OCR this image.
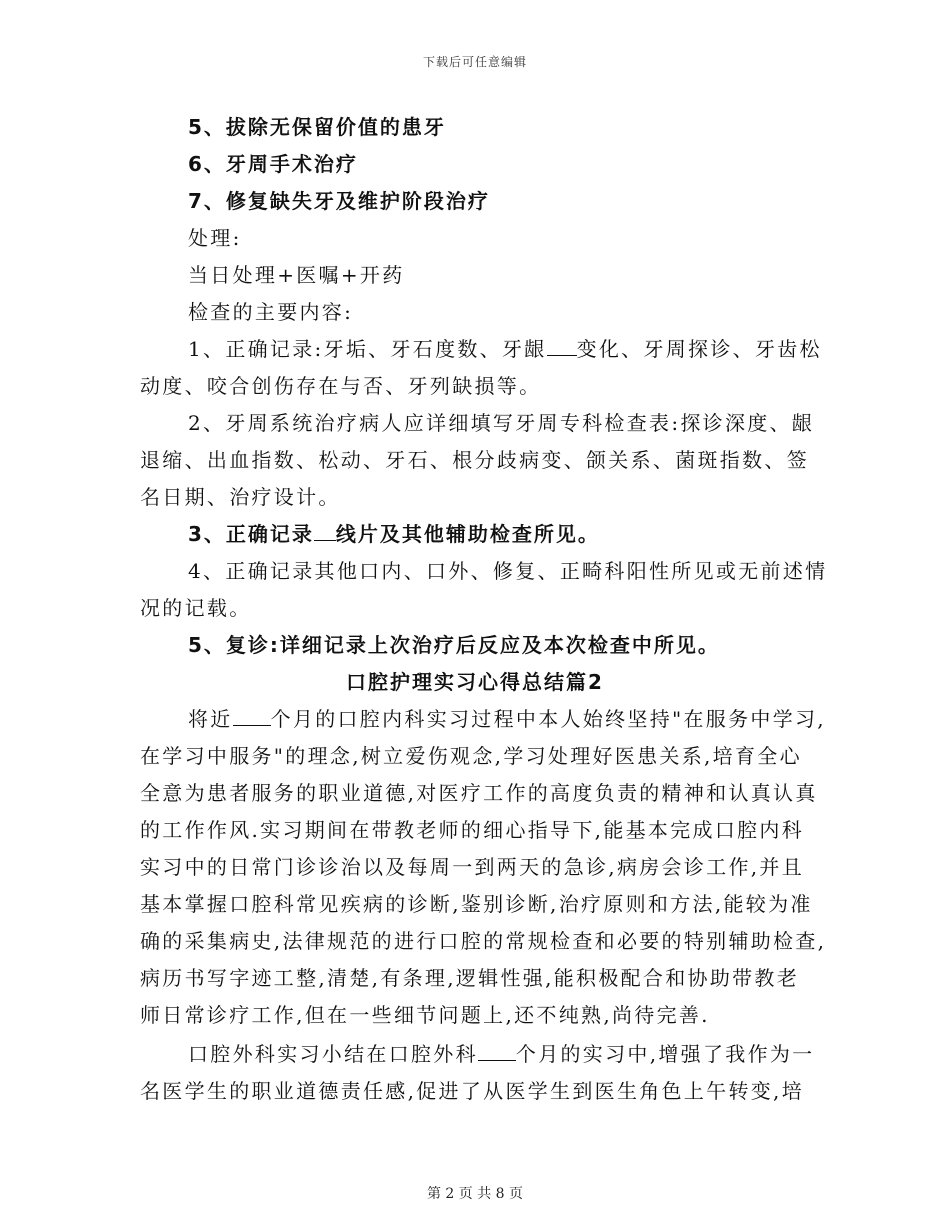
下载后可任意编辑
5、拔除无保留价值的患牙
6、牙周手术治疗
7、修复缺失牙及维护阶段治疗
处理:
当日处理+医嘱+开药
检查的主要内容:
1、正确记录:牙垢、牙石度数、牙龈 变化、牙周探诊、牙齿松
动度、咬合创伤存在与否、牙列缺损等。
2、牙周系统治疗病人应详细填写牙周专科检查表:探诊深度、龈
退缩、出血指数、松动、牙石、根分歧病变、颌关系、菌斑指数、签
名日期、治疗设计。
3、正确记录 线片及其他辅助检查所见。
4、正确记录其他口内、口外、修复、正畸科阳性所见或无前述情
况的记载。
5、复诊:详细记录上次治疗后反应及本次检查中所见。
口腔护理实习心得总结篇2
将近 个月的口腔内科实习过程中本人始终坚持"在服务中学习,
在学习中服务"的理念,树立爱伤观念,学习处理好医患关系,培育全心
全意为患者服务的职业道德,对医疗工作的高度负责的精神和认真认真
的工作作风.实习期间在带教老师的细心指导下,能基本完成口腔内科
实习中的日常门诊诊治以及每周一到两天的急诊,病房会诊工作,并且
基本掌握口腔科常见疾病的诊断,鉴别诊断,治疗原则和方法,能较为准
确的采集病史,法律规范的进行口腔的常规检查和必要的特别辅助检查,
病历书写字迹工整,清楚,有条理,逻辑性强,能积极配合和协助带教老
师日常诊疗工作,但在一些细节问题上,还不纯熟,尚待完善.
口腔外科实习小结在口腔外科 个月的实习中,增强了我作为一
名医学生的职业道德责任感,促进了从医学生到医生角色上午转变,培
第 2 页 共 8 页
